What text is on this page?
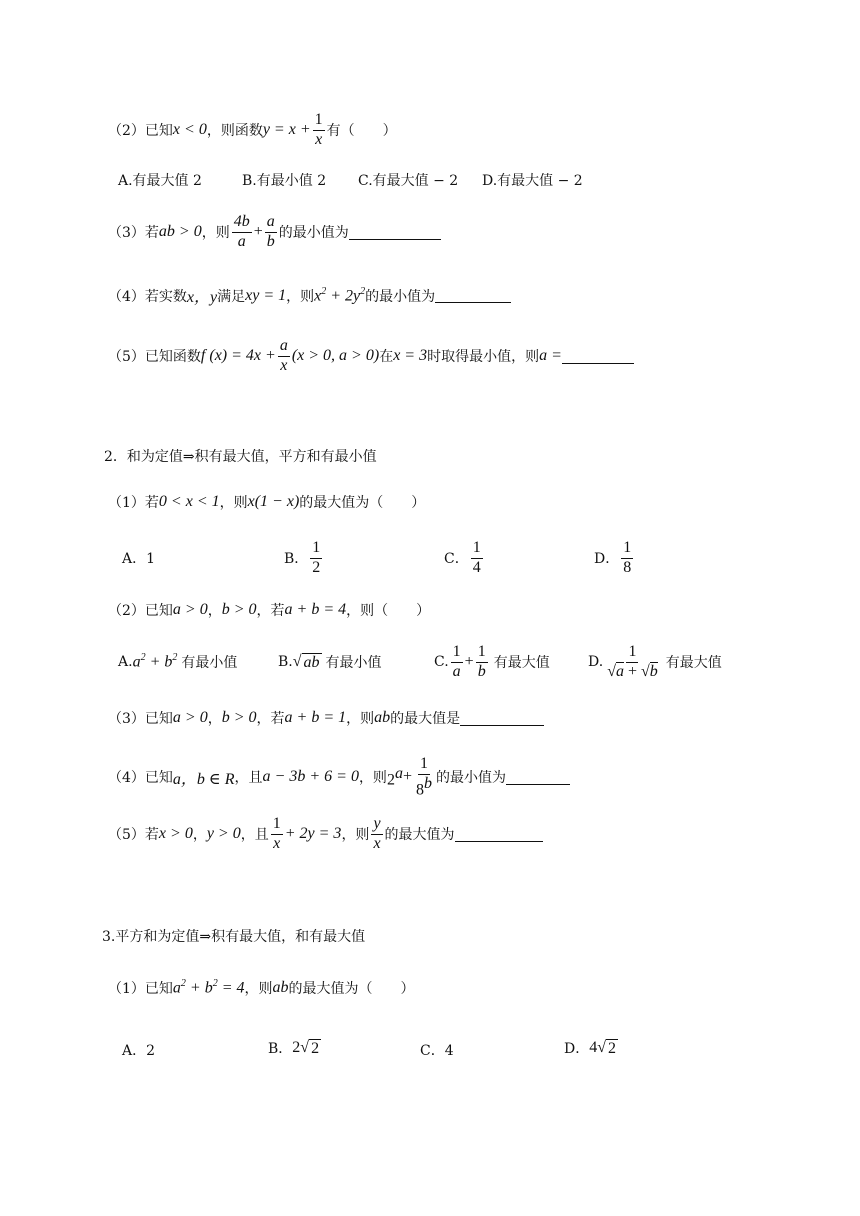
（2）已知 x < 0 ，则函数 $y = x + \frac{1}{x}$ 有（　　）
A.有最大值 2	B.有最小值 2 C.有最大值 − 2 D.有最大值 − 2
（3）若 ab > 0 ，则 $\frac{4b}{a} + \frac{a}{b}$ 的最小值为
（4）若实数 x，y 满足 xy = 1 ，则 $x^2 + 2y^2$ 的最小值为
（5）已知函数 f $(x) = 4x + \frac{a}{x} (x > 0$, a > 0) 在 x = 3 时取得最小值，则 a =
2．和为定值⇒积有最大值，平方和有最小值
（1）若 0 < x < 1 ，则 x(1 − x) 的最大值为（　　）
A．1	B． $\frac{1}{2}$	C． $\frac{1}{4}$	D． $\frac{1}{8}$
（2）已知 a > 0 ， b > 0 ，若 a + b = 4 ，则（　　）
A. $a^2 + b^2$ 有最小值	B. √ ab 有最小值	C. $\frac{1}{a} + \frac{1}{b}$ 有最大值	D. $\frac{1}{√a + √b}$ 有最大值
（3）已知 a > 0 ， b > 0 ，若 a + b = 1 ，则 ab 的最大值是
（4）已知 a，b ∈ R ，且 a − 3b + 6 = 0 ，则 $2^a + \frac{1}{8^b}$ 的最小值为
（5）若 x > 0 ， y > 0 ，且 $\frac{1}{x} + 2y = 3$ ，则 $\frac{y}{x}$ 的最大值为
3.平方和为定值⇒积有最大值，和有最大值
（1）已知 $a^2 + b^2 = 4$ ，则 ab 的最大值为（　　）
A．2	B． 2 √ 2	C．4	D． 4 √ 2
